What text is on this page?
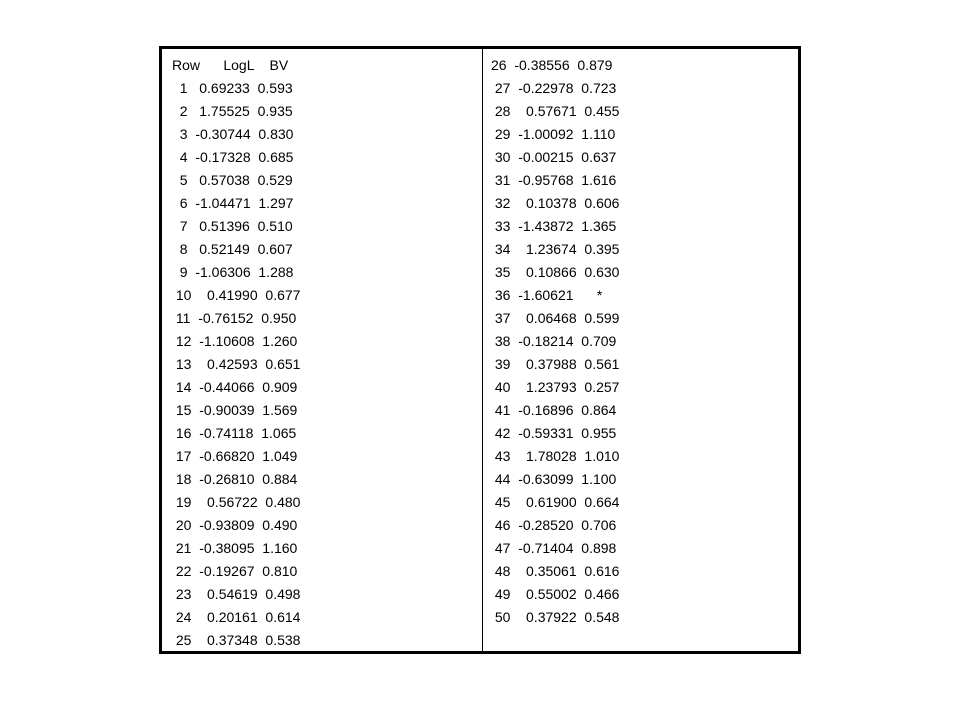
Row      LogL    BV
1   0.69233  0.593
2   1.75525  0.935
3  -0.30744  0.830
4  -0.17328  0.685
5   0.57038  0.529
6  -1.04471  1.297
7   0.51396  0.510
8   0.52149  0.607
9  -1.06306  1.288
10    0.41990  0.677
11  -0.76152  0.950
12  -1.10608  1.260
13    0.42593  0.651
14  -0.44066  0.909
15  -0.90039  1.569
16  -0.74118  1.065
17  -0.66820  1.049
18  -0.26810  0.884
19    0.56722  0.480
20  -0.93809  0.490
21  -0.38095  1.160
22  -0.19267  0.810
23    0.54619  0.498
24    0.20161  0.614
25    0.37348  0.538
26  -0.38556  0.879
27  -0.22978  0.723
28    0.57671  0.455
29  -1.00092  1.110
30  -0.00215  0.637
31  -0.95768  1.616
32    0.10378  0.606
33  -1.43872  1.365
34    1.23674  0.395
35    0.10866  0.630
36  -1.60621      *
37    0.06468  0.599
38  -0.18214  0.709
39    0.37988  0.561
40    1.23793  0.257
41  -0.16896  0.864
42  -0.59331  0.955
43    1.78028  1.010
44  -0.63099  1.100
45    0.61900  0.664
46  -0.28520  0.706
47  -0.71404  0.898
48    0.35061  0.616
49    0.55002  0.466
50    0.37922  0.548
